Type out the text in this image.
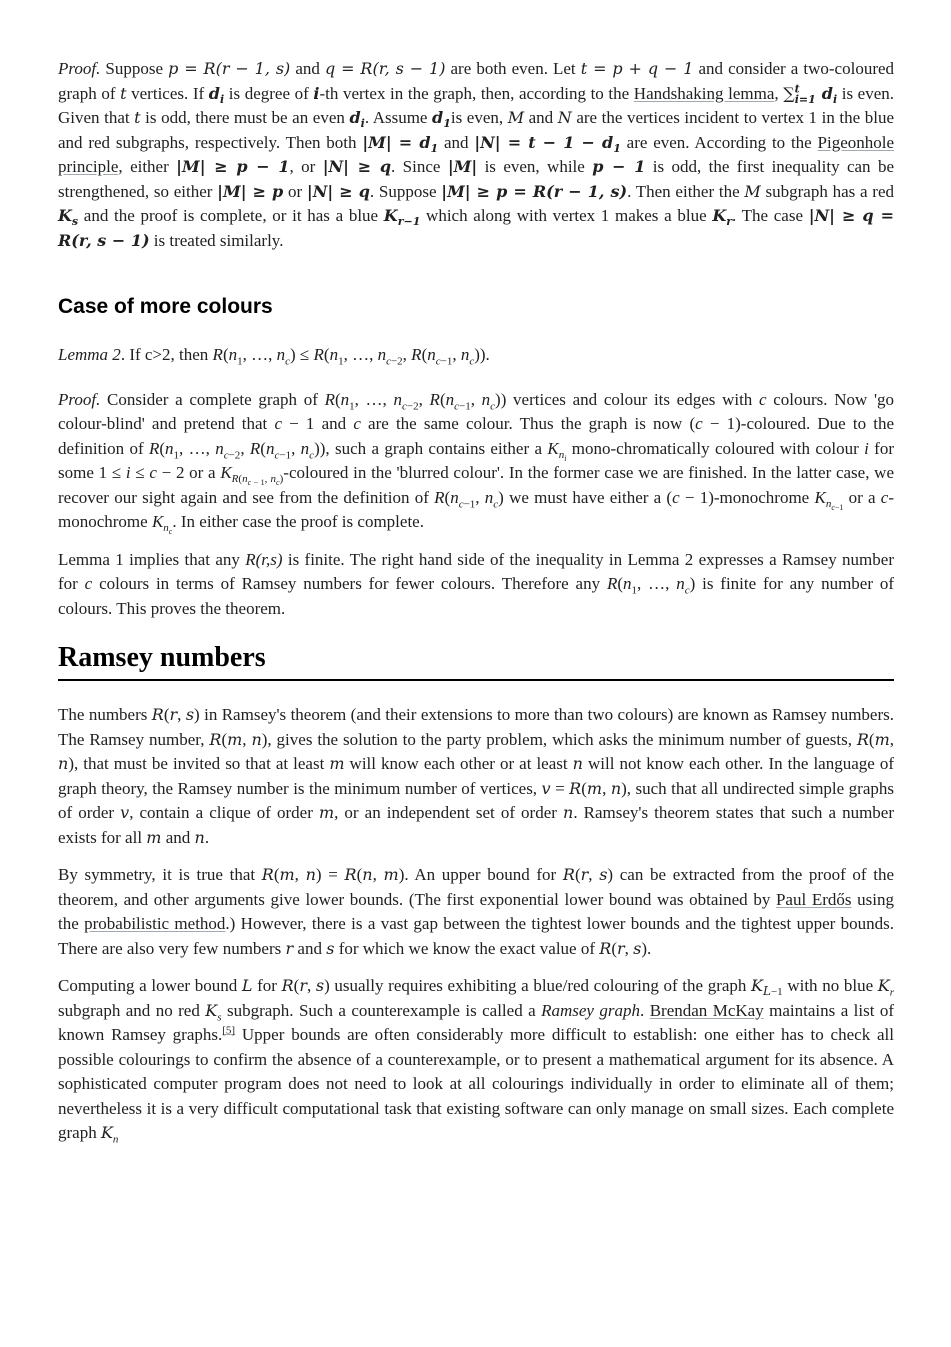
Proof. Suppose p = R(r − 1, s) and q = R(r, s − 1) are both even. Let t = p + q − 1 and consider a two-coloured graph of t vertices. If $d_i$ is degree of i-th vertex in the graph, then, according to the Handshaking lemma, ∑$^t_{i=1}$ $d_i$ is even. Given that t is odd, there must be an even $d_i$. Assume $d_1is$ even, M and N are the vertices incident to vertex 1 in the blue and red subgraphs, respectively. Then both $|M| = d_1$ and $|N| = t - 1 - d_1$ are even. According to the Pigeonhole principle, either |M| ≥ p − 1, or |N| ≥ q. Since |M| is even, while p − 1 is odd, the first inequality can be strengthened, so either |M| ≥ p or |N| ≥ q. Suppose |M| ≥ p = R(r − 1, s). Then either the M subgraph has a red $K_s$ and the proof is complete, or it has a blue $K_{r-1}$ which along with vertex 1 makes a blue $K_r$. The case |N| ≥ q = R(r, s − 1) is treated similarly.

Case of more colours

Lemma 2. If c>2, then $R(n_1$, …, $n_c) \le R(n_1$, …, $n_{c-2}$, $R(n_{c-1}$, $n_c$)).

Proof. Consider a complete graph of $R(n_1$, …, $n_{c-2}$, $R(n_{c-1}$, $n_c$)) vertices and colour its edges with c colours. Now 'go colour-blind' and pretend that c − 1 and c are the same colour. Thus the graph is now (c − 1)-coloured. Due to the definition of $R(n_1$, …, $n_{c-2}$, $R(n_{c-1}$, $n_c$)), such a graph contains either a $K_{n_i}$ mono-chromatically coloured with colour i for some 1 ≤ i ≤ c − 2 or a $K_{R(n_{c - 1}, n_c)}$-coloured in the 'blurred colour'. In the former case we are finished. In the latter case, we recover our sight again and see from the definition of $R(n_{c-1}$, $n_c$) we must have either a (c − 1)-monochrome $K_{n_{c-1}}$ or a c-monochrome $K_{n_c}$. In either case the proof is complete.

Lemma 1 implies that any R(r,s) is finite. The right hand side of the inequality in Lemma 2 expresses a Ramsey number for c colours in terms of Ramsey numbers for fewer colours. Therefore any $R(n_1$, …, $n_c$) is finite for any number of colours. This proves the theorem.

Ramsey numbers

The numbers R(r, s) in Ramsey's theorem (and their extensions to more than two colours) are known as Ramsey numbers. The Ramsey number, R(m, n), gives the solution to the party problem, which asks the minimum number of guests, R(m, n), that must be invited so that at least m will know each other or at least n will not know each other. In the language of graph theory, the Ramsey number is the minimum number of vertices, v = R(m, n), such that all undirected simple graphs of order v, contain a clique of order m, or an independent set of order n. Ramsey's theorem states that such a number exists for all m and n.

By symmetry, it is true that R(m, n) = R(n, m). An upper bound for R(r, s) can be extracted from the proof of the theorem, and other arguments give lower bounds. (The first exponential lower bound was obtained by Paul Erdős using the probabilistic method.) However, there is a vast gap between the tightest lower bounds and the tightest upper bounds. There are also very few numbers r and s for which we know the exact value of R(r, s).

Computing a lower bound L for R(r, s) usually requires exhibiting a blue/red colouring of the graph $K_{L-1}$ with no blue $K_r$ subgraph and no red $K_s$ subgraph. Such a counterexample is called a Ramsey graph. Brendan McKay maintains a list of known Ramsey graphs.[5] Upper bounds are often considerably more difficult to establish: one either has to check all possible colourings to confirm the absence of a counterexample, or to present a mathematical argument for its absence. A sophisticated computer program does not need to look at all colourings individually in order to eliminate all of them; nevertheless it is a very difficult computational task that existing software can only manage on small sizes. Each complete graph $K_n$
